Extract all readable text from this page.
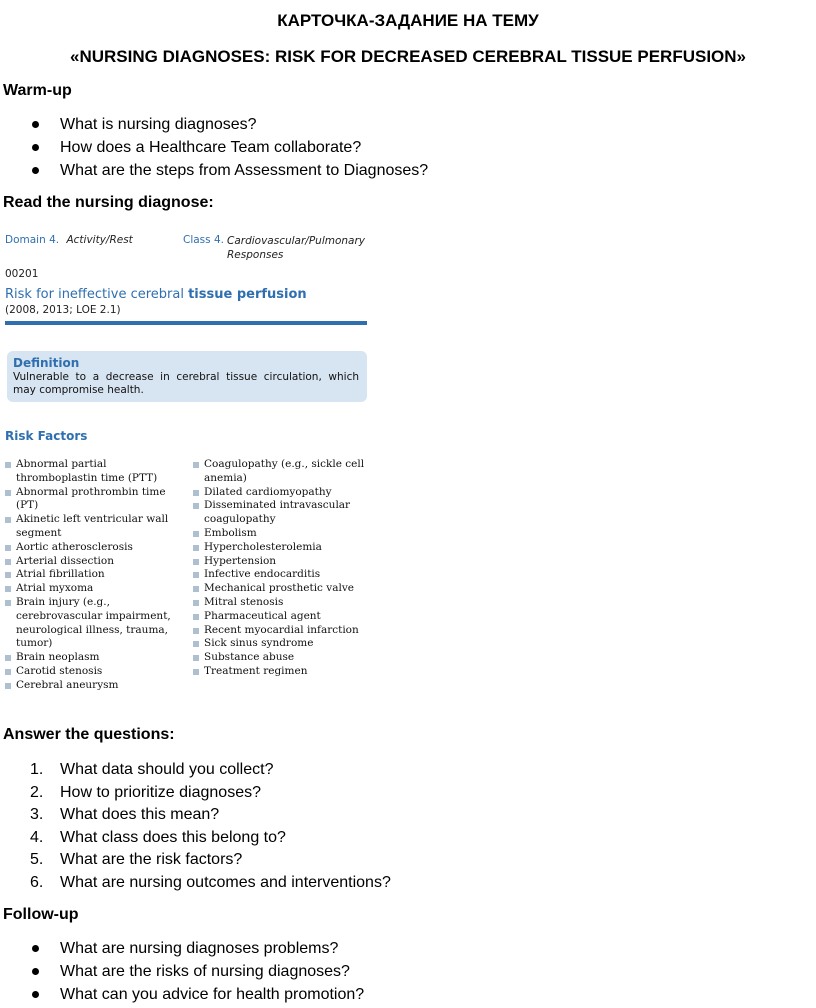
КАРТОЧКА-ЗАДАНИЕ НА ТЕМУ
«NURSING DIAGNOSES: RISK FOR DECREASED CEREBRAL TISSUE PERFUSION»
Warm-up
What is nursing diagnoses?
How does a Healthcare Team collaborate?
What are the steps from Assessment to Diagnoses?
Read the nursing diagnose:
Domain 4. Activity/Rest	Class 4. Cardiovascular/Pulmonary
Responses
00201
Risk for ineffective cerebral tissue perfusion
(2008, 2013; LOE 2.1)
Definition
Vulnerable to a decrease in cerebral tissue circulation, which may compromise health.
Risk Factors
Abnormal partial
thromboplastin time (PTT)
Abnormal prothrombin time
(PT)
Akinetic left ventricular wall
segment
Aortic atherosclerosis
Arterial dissection
Atrial fibrillation
Atrial myxoma
Brain injury (e.g.,
cerebrovascular impairment,
neurological illness, trauma,
tumor)
Brain neoplasm
Carotid stenosis
Cerebral aneurysm
Coagulopathy (e.g., sickle cell
anemia)
Dilated cardiomyopathy
Disseminated intravascular
coagulopathy
Embolism
Hypercholesterolemia
Hypertension
Infective endocarditis
Mechanical prosthetic valve
Mitral stenosis
Pharmaceutical agent
Recent myocardial infarction
Sick sinus syndrome
Substance abuse
Treatment regimen
Answer the questions:
1. What data should you collect?
2. How to prioritize diagnoses?
3. What does this mean?
4. What class does this belong to?
5. What are the risk factors?
6. What are nursing outcomes and interventions?
Follow-up
What are nursing diagnoses problems?
What are the risks of nursing diagnoses?
What can you advice for health promotion?
